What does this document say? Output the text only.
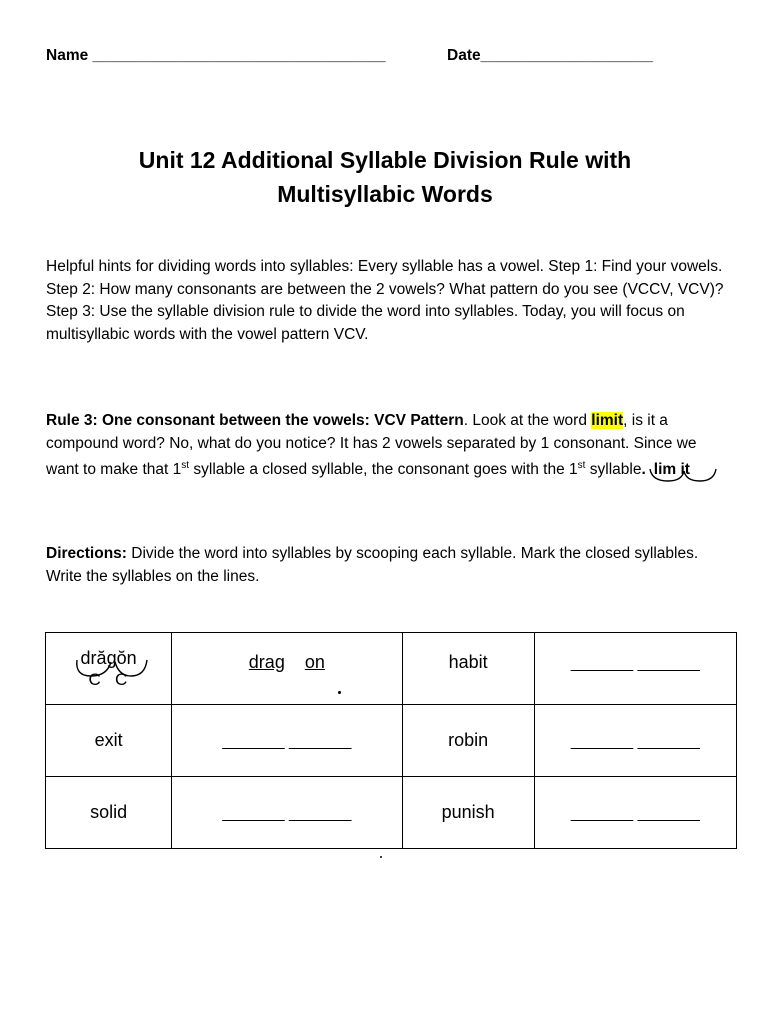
Name __________________________________	Date____________________
Unit 12 Additional Syllable Division Rule with
Multisyllabic Words
Helpful hints for dividing words into syllables: Every syllable has a vowel. Step 1: Find your vowels. Step 2: How many consonants are between the 2 vowels? What pattern do you see (VCCV, VCV)? Step 3: Use the syllable division rule to divide the word into syllables. Today, you will focus on multisyllabic words with the vowel pattern VCV.
Rule 3: One consonant between the vowels: VCV Pattern. Look at the word limit, is it a compound word? No, what do you notice? It has 2 vowels separated by 1 consonant. Since we want to make that 1st syllable a closed syllable, the consonant goes with the 1st syllable. lim it
Directions: Divide the word into syllables by scooping each syllable. Mark the closed syllables. Write the syllables on the lines.
drăgŏn
C   C	drag on	habit	_______ _______
exit	_______ _______	robin	_______ _______
solid	_______ _______	punish	_______ _______
